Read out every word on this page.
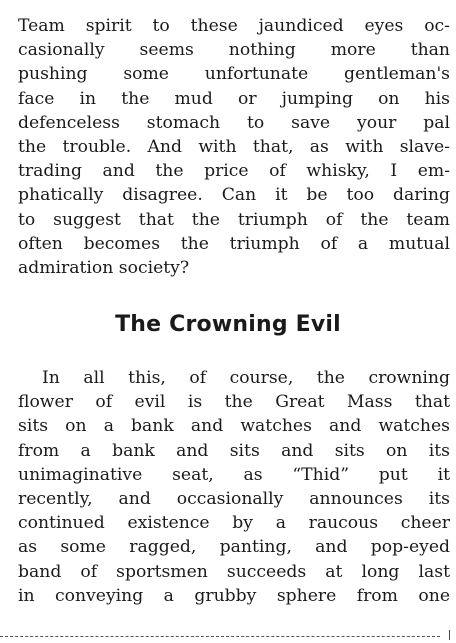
Team spirit to these jaundiced eyes oc-
casionally seems nothing more than
pushing some unfortunate gentleman's
face in the mud or jumping on his
defenceless stomach to save your pal
the trouble. And with that, as with slave-
trading and the price of whisky, I em-
phatically disagree. Can it be too daring
to suggest that the triumph of the team
often becomes the triumph of a mutual
admiration society?

The Crowning Evil

In all this, of course, the crowning
flower of evil is the Great Mass that
sits on a bank and watches and watches
from a bank and sits and sits on its
unimaginative seat, as “Thid” put it
recently, and occasionally announces its
continued existence by a raucous cheer
as some ragged, panting, and pop-eyed
band of sportsmen succeeds at long last
in conveying a grubby sphere from one
